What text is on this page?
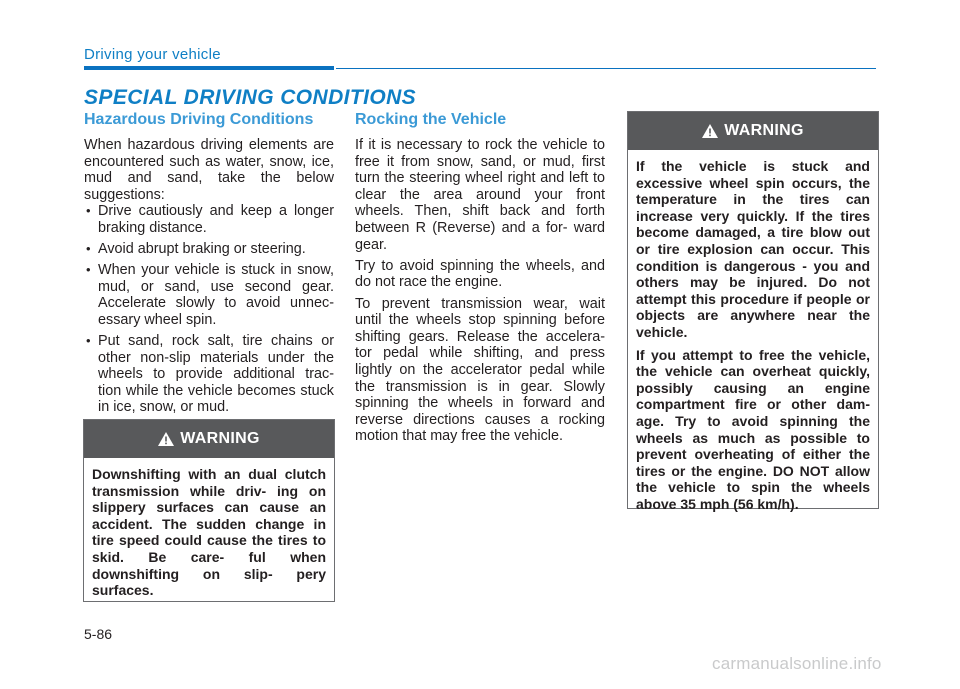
Driving your vehicle
SPECIAL DRIVING CONDITIONS
Hazardous Driving Conditions

When hazardous driving elements are encountered such as water, snow, ice, mud and sand, take the below suggestions:

• Drive cautiously and keep a longer braking distance.
• Avoid abrupt braking or steering.
• When your vehicle is stuck in snow, mud, or sand, use second gear. Accelerate slowly to avoid unnec- essary wheel spin.
• Put sand, rock salt, tire chains or other non-slip materials under the wheels to provide additional trac- tion while the vehicle becomes stuck in ice, snow, or mud.
WARNING

Downshifting with an dual clutch transmission while driv- ing on slippery surfaces can cause an accident. The sudden change in tire speed could cause the tires to skid. Be care- ful when downshifting on slip- pery surfaces.

Rocking the Vehicle

If it is necessary to rock the vehicle to free it from snow, sand, or mud, first turn the steering wheel right and left to clear the area around your front wheels. Then, shift back and forth between R (Reverse) and a for- ward gear.

Try to avoid spinning the wheels, and do not race the engine.

To prevent transmission wear, wait until the wheels stop spinning before shifting gears. Release the accelera- tor pedal while shifting, and press lightly on the accelerator pedal while the transmission is in gear. Slowly spinning the wheels in forward and reverse directions causes a rocking motion that may free the vehicle.

WARNING

If the vehicle is stuck and excessive wheel spin occurs, the temperature in the tires can increase very quickly. If the tires become damaged, a tire blow out or tire explosion can occur. This condition is dangerous - you and others may be injured. Do not attempt this procedure if people or objects are anywhere near the vehicle.

If you attempt to free the vehicle, the vehicle can overheat quickly, possibly causing an engine compartment fire or other dam- age. Try to avoid spinning the wheels as much as possible to prevent overheating of either the tires or the engine. DO NOT allow the vehicle to spin the wheels above 35 mph (56 km/h).

5-86
carmanualsonline.info
